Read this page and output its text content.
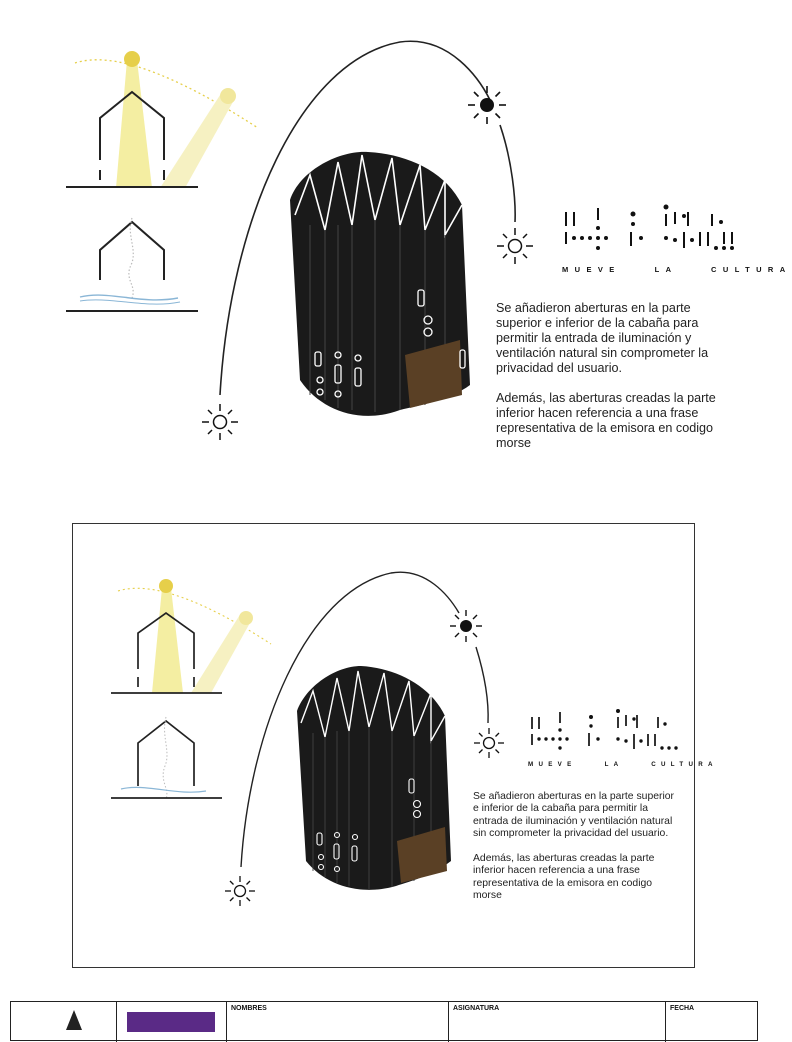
MUEVE    LA    CULTURA

Se añadieron aberturas en la parte superior e inferior de la cabaña para permitir la entrada de iluminación y ventilación natural sin comprometer la privacidad del usuario.

Además, las aberturas creadas la parte inferior hacen referencia a una frase representativa de la emisora en codigo morse

MUEVE    LA    CULTURA

Se añadieron aberturas en la parte superior e inferior de la cabaña para permitir la entrada de iluminación y ventilación natural sin comprometer la privacidad del usuario.

Además, las aberturas creadas la parte inferior hacen referencia a una frase representativa de la emisora en codigo morse

NOMBRES	ASIGNATURA	FECHA
